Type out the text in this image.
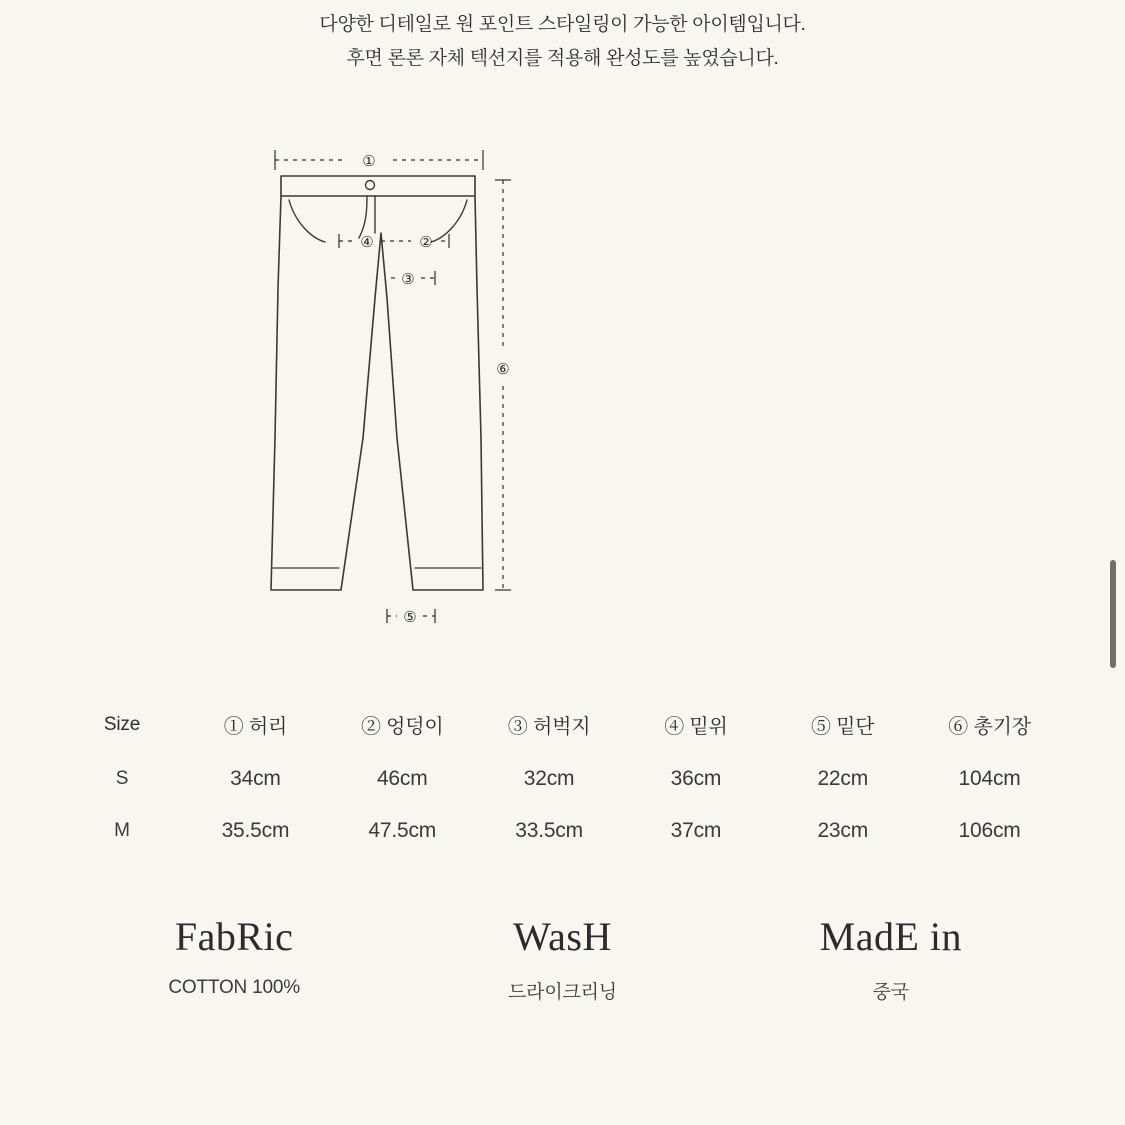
다양한 디테일로 원 포인트 스타일링이 가능한 아이템입니다.
후면 론론 자체 텍션지를 적용해 완성도를 높였습니다.
①
②
③
④
⑤
⑥
Size	① 허리	② 엉덩이	③ 허벅지	④ 밑위	⑤ 밑단	⑥ 총기장
S	34cm	46cm	32cm	36cm	22cm	104cm
M	35.5cm	47.5cm	33.5cm	37cm	23cm	106cm
FabRic
COTTON 100%
WasH
드라이크리닝
MadE in
중국
